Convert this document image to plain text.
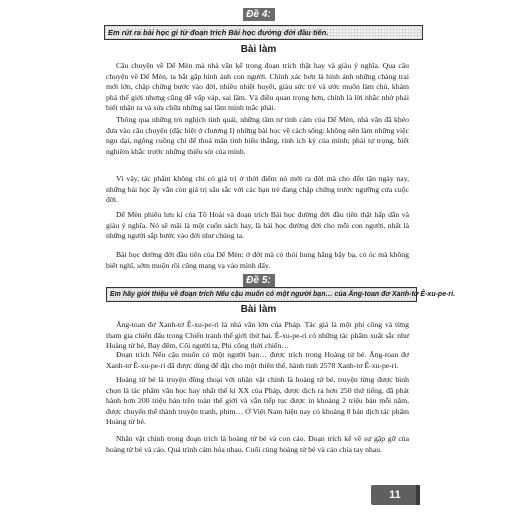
Đề 4:
Em rút ra bài học gì từ đoạn trích Bài học đường đời đầu tiên.
Bài làm

Câu chuyện về Dế Mèn mà nhà văn kể trong đoạn trích thật hay và giàu ý nghĩa. Qua câu chuyện về Dế Mèn, ta bắt gặp hình ảnh con người. Chính xác hơn là hình ảnh những chàng trai mới lớn, chập chững bước vào đời, nhiều nhiệt huyết, giàu sức trẻ và ước muốn làm chủ, khám phá thế giới nhưng cũng dễ vấp váp, sai lầm. Và điều quan trọng hơn, chính là lời nhắc nhở phải biết nhận ra và sửa chữa những sai lầm mình mắc phải.

Thông qua những trò nghịch tinh quái, những tâm tư tình cảm của Dế Mèn, nhà văn đã khéo đưa vào câu chuyện (đặc biệt ở chương I) những bài học về cách sống: không nên làm những việc ngu dại, ngông cuồng chỉ để thoả mãn tính hiếu thắng, tính ích kỷ của mình; phải tự trọng, biết nghiêm khắc trước những thiếu sót của mình.

Vì vậy, tác phẩm không chỉ có giá trị ở thời điểm nó mới ra đời mà cho đến tận ngày nay, những bài học ấy vẫn còn giá trị sâu sắc với các bạn trẻ đang chập chững trước ngưỡng cửa cuộc đời.

Dế Mèn phiêu lưu kí của Tô Hoài và đoạn trích Bài học đường đời đầu tiên thật hấp dẫn và giàu ý nghĩa. Nó sẽ mãi là một cuốn sách hay, là bài học đường đời cho mỗi con người, nhất là những người sắp bước vào đời như chúng ta.

Bài học đường đời đầu tiên của Dế Mèn: ở đời mà có thói hung hăng bậy bạ, có óc mà không biết nghĩ, sớm muộn rồi cũng mang vạ vào mình đấy.

Đề 5:
Em hãy giới thiệu về đoạn trích Nếu cậu muốn có một người bạn… của Ăng-toan đơ Xanh-tơ Ê-xu-pe-ri.
Bài làm

Ăng-toan đơ Xanh-tơ Ê-xu-pe-ri là nhà văn lớn của Pháp. Tác giả là một phi công và từng tham gia chiến đấu trong Chiến tranh thế giới thứ hai. Ê-xu-pe-ri có những tác phẩm xuất sắc như Hoàng tử bé, Bay đêm, Cõi người ta, Phi công thời chiến…

Đoạn trích Nếu cậu muốn có một người bạn… được trích trong Hoàng tử bé. Ăng-toan đơ Xanh-tơ Ê-xu-pe-ri đã được dùng để đặt cho một thiên thể, hành tinh 2578 Xanh-tơ Ê-xu-pe-ri.

Hoàng tử bé là truyện đồng thoại với nhân vật chính là hoàng tử bé, truyện từng được bình chọn là tác phẩm văn học hay nhất thế kỉ XX của Pháp, được dịch ra hơn 250 thứ tiếng, đã phát hành hơn 200 triệu bản trên toàn thế giới và vẫn tiếp tục được in khoảng 2 triệu bản mỗi năm, được chuyển thể thành truyện tranh, phim… Ở Việt Nam hiện nay có khoảng 8 bản dịch tác phẩm Hoàng tử bé.

Nhân vật chính trong đoạn trích là hoàng tử bé và con cáo. Đoạn trích kể về sự gặp gỡ của hoàng tử bé và cáo. Quá trình cảm hóa nhau. Cuối cùng hoàng tử bé và cáo chia tay nhau.

11
